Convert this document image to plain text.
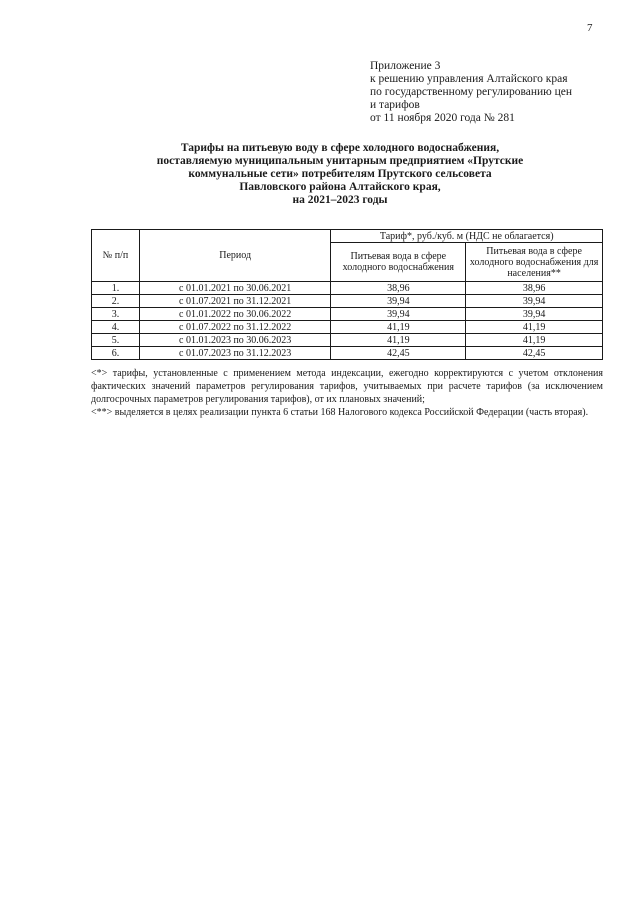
7
Приложение 3
к решению управления Алтайского края
по государственному регулированию цен
и тарифов
от 11 ноября 2020 года № 281
Тарифы на питьевую воду в сфере холодного водоснабжения,
поставляемую муниципальным унитарным предприятием «Прутские
коммунальные сети» потребителям Прутского сельсовета
Павловского района Алтайского края,
на 2021–2023 годы
№ п/п	Период	Тариф*, руб./куб. м (НДС не облагается)	
		Питьевая вода в сфере холодного водоснабжения	Питьевая вода в сфере холодного водоснабжения для населения**
1.	с 01.01.2021 по 30.06.2021	38,96	38,96
2.	с 01.07.2021 по 31.12.2021	39,94	39,94
3.	с 01.01.2022 по 30.06.2022	39,94	39,94
4.	с 01.07.2022 по 31.12.2022	41,19	41,19
5.	с 01.01.2023 по 30.06.2023	41,19	41,19
6.	с 01.07.2023 по 31.12.2023	42,45	42,45

<*> тарифы, установленные с применением метода индексации, ежегодно корректируются с учетом отклонения фактических значений параметров регулирования тарифов, учитываемых при расчете тарифов (за исключением долгосрочных параметров регулирования тарифов), от их плановых значений;

<**> выделяется в целях реализации пункта 6 статьи 168 Налогового кодекса Российской Федерации (часть вторая).
